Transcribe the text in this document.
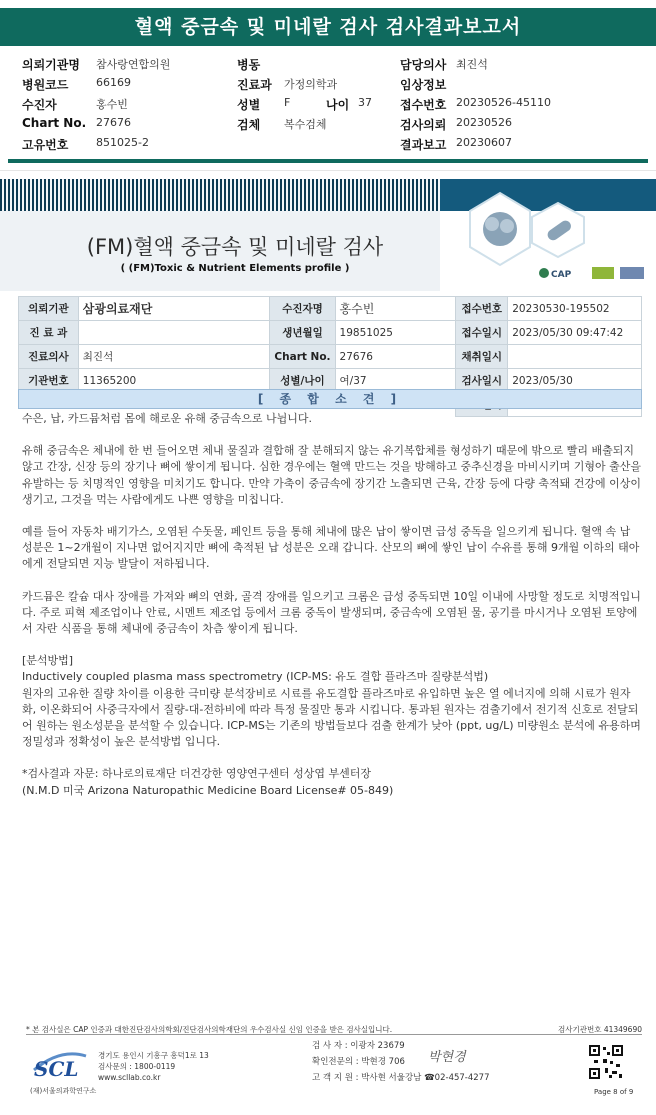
혈액 중금속 및 미네랄 검사 검사결과보고서
의뢰기관명 참사랑연합의원	병동	담당의사 최진석
병원코드	66169	진료과 가정의학과	임상정보
수진자	홍수빈	성별 F	나이 37 접수번호 20230526-45110
Chart No. 27676	검체 복수검체	검사의뢰 20230526
고유번호	851025-2	결과보고 20230607
CAP
(FM)혈액 중금속 및 미네랄 검사
( (FM)Toxic & Nutrient Elements profile )
의뢰기관	삼광의료재단	수진자명	홍수빈	접수번호	20230530-195502
진 료 과		생년월일	19851025	접수일시	2023/05/30 09:47:42
진료의사	최진석	Chart No.	27676	채취일시	
기관번호	11365200	성별/나이	여/37	검사일시	2023/05/30

[ 종 합 소 견 ]

수은, 납, 카드뮴처럼 몸에 해로운 유해 중금속으로 나뉩니다.

유해 중금속은 체내에 한 번 들어오면 체내 물질과 결합해 잘 분해되지 않는 유기복합체를 형성하기 때문에 밖으로 빨리 배출되지 않고 간장, 신장 등의 장기나 뼈에 쌓이게 됩니다. 심한 경우에는 혈액 만드는 것을 방해하고 중추신경을 마비시키며 기형아 출산을 유발하는 등 치명적인 영향을 미치기도 합니다. 만약 가축이 중금속에 장기간 노출되면 근육, 간장 등에 다량 축적돼 건강에 이상이 생기고, 그것을 먹는 사람에게도 나쁜 영향을 미칩니다.

예를 들어 자동차 배기가스, 오염된 수돗물, 페인트 등을 통해 체내에 많은 납이 쌓이면 급성 중독을 일으키게 됩니다. 혈액 속 납 성분은 1~2개월이 지나면 없어지지만 뼈에 축적된 납 성분은 오래 갑니다. 산모의 뼈에 쌓인 납이 수유를 통해 9개월 이하의 태아에게 전달되면 지능 발달이 저하됩니다.

카드뮴은 칼슘 대사 장애를 가져와 뼈의 연화, 골격 장애를 일으키고 크롬은 급성 중독되면 10일 이내에 사망할 정도로 치명적입니다. 주로 피혁 제조업이나 안료, 시멘트 제조업 등에서 크롬 중독이 발생되며, 중금속에 오염된 물, 공기를 마시거나 오염된 토양에서 자란 식품을 통해 체내에 중금속이 차츰 쌓이게 됩니다.

[분석방법]

Inductively coupled plasma mass spectrometry (ICP-MS: 유도 결합 플라즈마 질량분석법)

원자의 고유한 질량 차이를 이용한 극미량 분석장비로 시료를 유도결합 플라즈마로 유입하면 높은 열 에너지에 의해 시료가 원자화, 이온화되어 사중극자에서 질량-대-전하비에 따라 특정 물질만 통과 시킵니다. 통과된 원자는 검출기에서 전기적 신호로 전달되어 원하는 원소성분을 분석할 수 있습니다. ICP-MS는 기존의 방법들보다 검출 한계가 낮아 (ppt, ug/L) 미량원소 분석에 유용하며 정밀성과 정확성이 높은 분석방법 입니다.

*검사결과 자문: 하나로의료재단 더건강한 영양연구센터 성상엽 부센터장

(N.M.D 미국 Arizona Naturopathic Medicine Board License# 05-849)

* 본 검사실은 CAP 인증과 대한진단검사의학회/진단검사의학재단의 우수검사실 신임 인증을 받은 검사실입니다.	검사기관번호 41349690
SCL
(재)서울의과학연구소
경기도 용인시 기흥구 흥덕1로 13
검사문의 : 1800-0119
www.scllab.co.kr
검 사 자 : 이광자 23679
확인전문의 : 박현경 706
고 객 지 원 : 박사현 서울강남 ☎02-457-4277
박현경
Page 8 of 9
